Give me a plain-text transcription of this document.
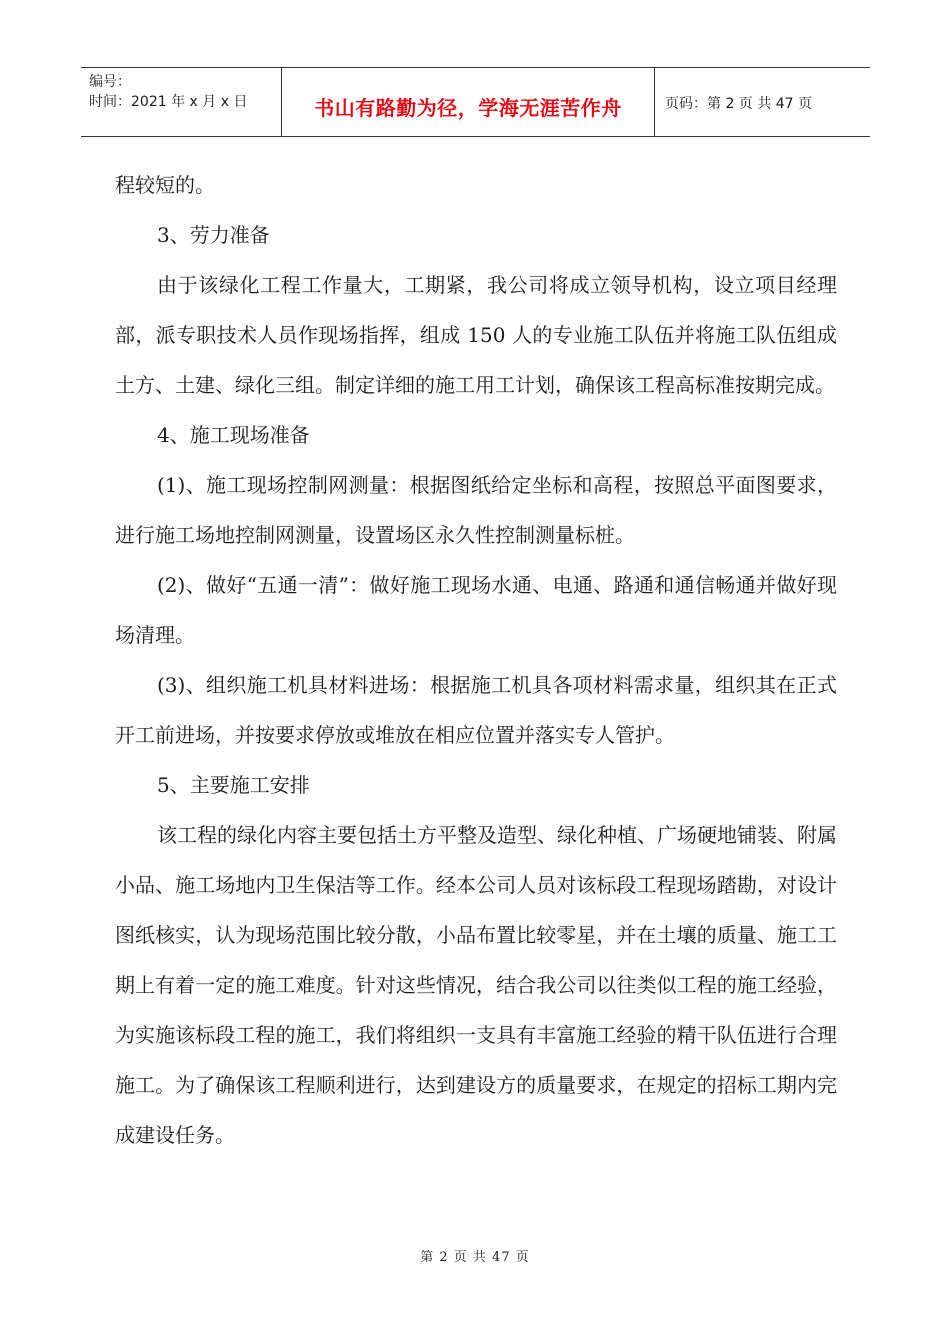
编号：
时间：2021 年 x 月 x 日	书山有路勤为径，学海无涯苦作舟	页码：第 2 页 共 47 页

程较短的。

3、劳力准备

由于该绿化工程工作量大，工期紧，我公司将成立领导机构，设立项目经理部，派专职技术人员作现场指挥，组成 150 人的专业施工队伍并将施工队伍组成土方、土建、绿化三组。制定详细的施工用工计划，确保该工程高标准按期完成。

4、施工现场准备

(1)、施工现场控制网测量：根据图纸给定坐标和高程，按照总平面图要求，进行施工场地控制网测量，设置场区永久性控制测量标桩。

(2)、做好“五通一清”：做好施工现场水通、电通、路通和通信畅通并做好现场清理。

(3)、组织施工机具材料进场：根据施工机具各项材料需求量，组织其在正式开工前进场，并按要求停放或堆放在相应位置并落实专人管护。

5、主要施工安排

该工程的绿化内容主要包括土方平整及造型、绿化种植、广场硬地铺装、附属小品、施工场地内卫生保洁等工作。经本公司人员对该标段工程现场踏勘，对设计图纸核实，认为现场范围比较分散，小品布置比较零星，并在土壤的质量、施工工期上有着一定的施工难度。针对这些情况，结合我公司以往类似工程的施工经验，为实施该标段工程的施工，我们将组织一支具有丰富施工经验的精干队伍进行合理施工。为了确保该工程顺利进行，达到建设方的质量要求，在规定的招标工期内完成建设任务。

第 2 页 共 47 页
